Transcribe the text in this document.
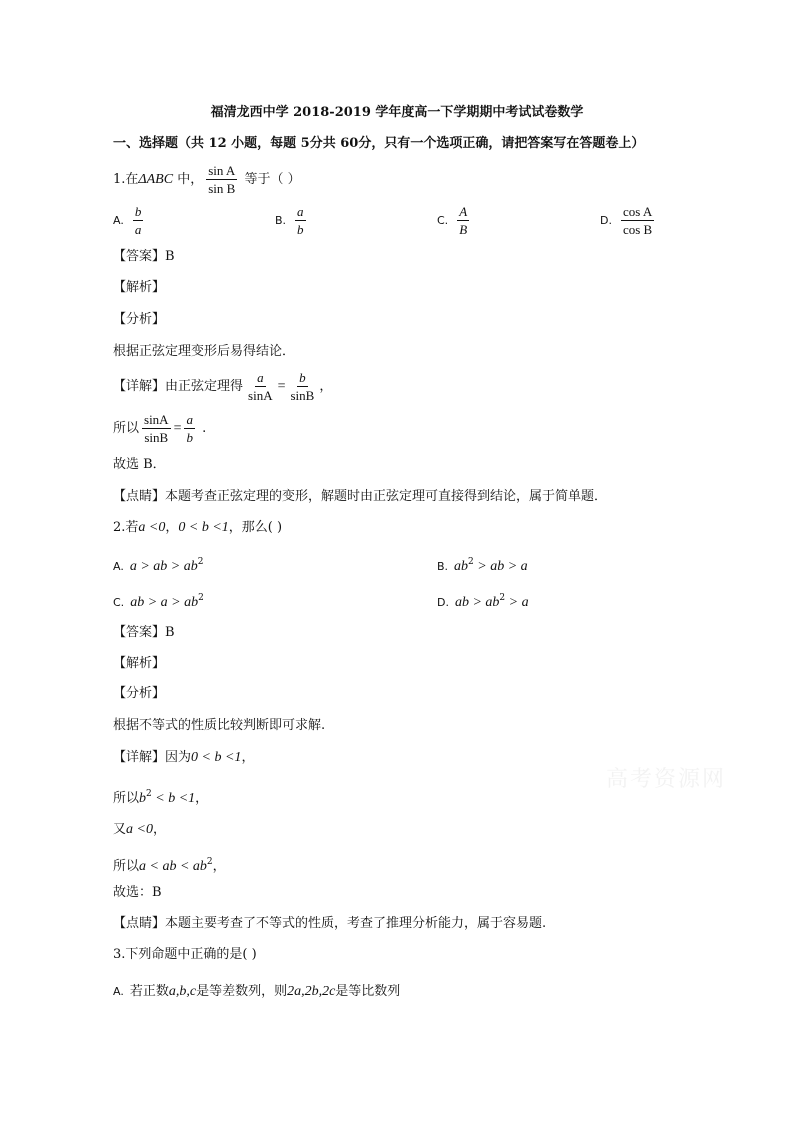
福清龙西中学 2018-2019 学年度高一下学期期中考试试卷数学
一、选择题（共 12 小题，每题 5分共 60分，只有一个选项正确，请把答案写在答题卷上）
1.在ΔABC 中， $\frac{\text{sin A}}{\text{sin B}}$ 等于（ ）
A. $\frac{b}{a}$	B. $\frac{a}{b}$	C. $\frac{A}{B}$	D. $\frac{\text{cos A}}{\text{cos B}}$
【答案】B
【解析】
【分析】
根据正弦定理变形后易得结论．
【详解】由正弦定理得 $\frac{a}{\sin A} = \frac{b}{\sin B}$ ，
所以 $\frac{\sin A}{\sin B} = \frac{a}{b}$ .
故选 B．
【点睛】本题考查正弦定理的变形，解题时由正弦定理可直接得到结论，属于简单题．
2.若a <0，0 < b <1，那么( )
A. a > ab > $ab^2$	B. $ab^2$ > ab > a
C. ab > $a > ab^2$	D. ab > $ab^2 > a$
【答案】B
【解析】
【分析】
根据不等式的性质比较判断即可求解.
【详解】因为0 < b <1，
所以$b^2 < b <1$，
又a <0，
所以a < ab < $ab^2$，
故选：B
【点睛】本题主要考查了不等式的性质，考查了推理分析能力，属于容易题.
3.下列命题中正确的是( )
A. 若正数a,b,c是等差数列，则2a,2b,2c是等比数列
高考资源网
